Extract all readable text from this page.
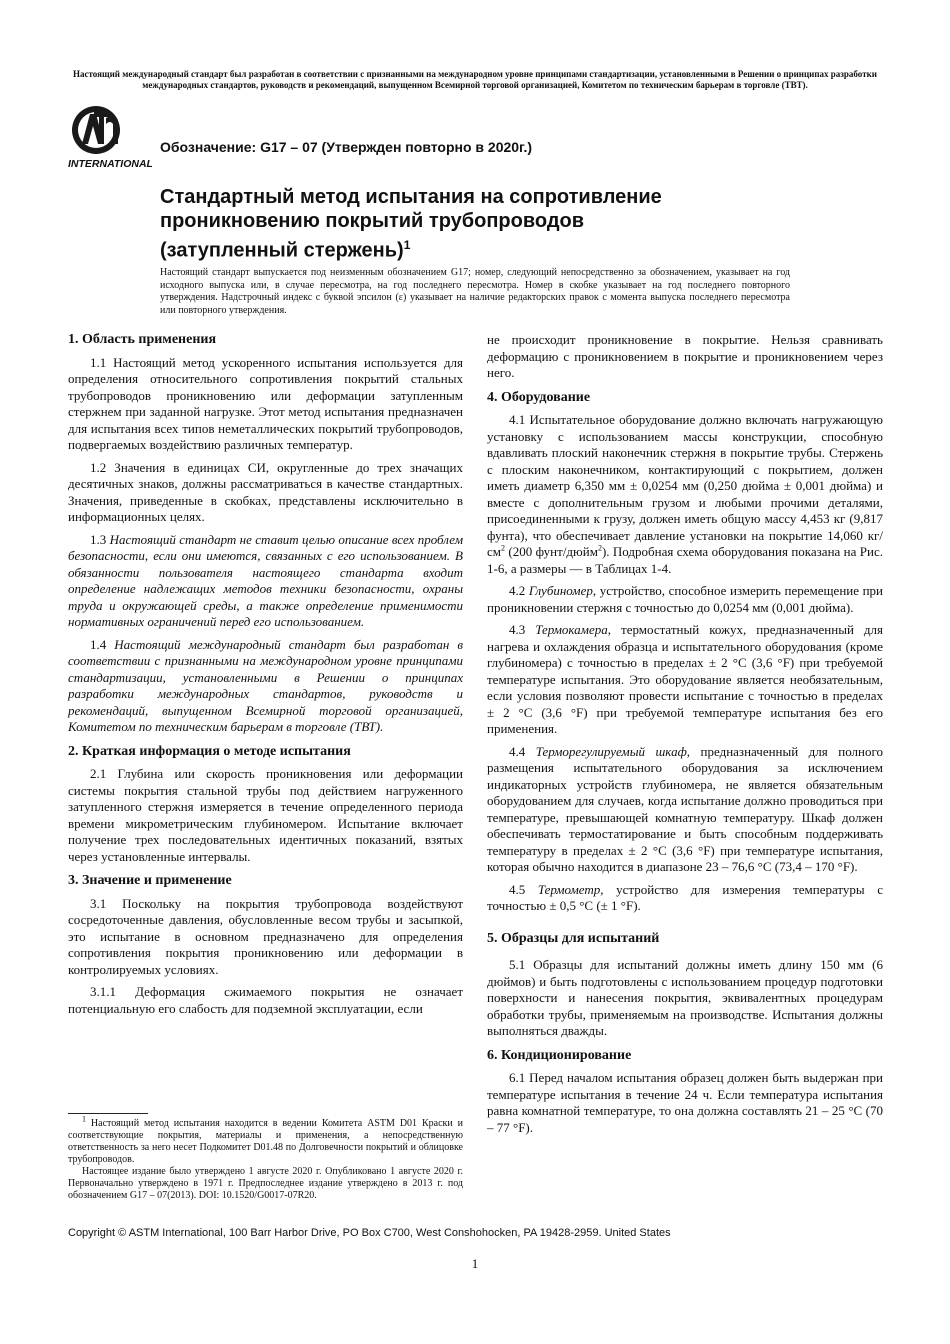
Настоящий международный стандарт был разработан в соответствии с признанными на международном уровне принципами стандартизации, установленными в Решении о принципах разработки международных стандартов, руководств и рекомендаций, выпущенном Всемирной торговой организацией, Комитетом по техническим барьерам в торговле (ТВТ).
INTERNATIONAL
Обозначение: G17 – 07 (Утвержден повторно в 2020г.)
Стандартный метод испытания на сопротивление
проникновению покрытий трубопроводов
(затупленный стержень)$^1$
Настоящий стандарт выпускается под неизменным обозначением G17; номер, следующий непосредственно за обозначением, указывает на год исходного выпуска или, в случае пересмотра, на год последнего пересмотра. Номер в скобке указывает на год последнего повторного утверждения. Надстрочный индекс с буквой эпсилон (ε) указывает на наличие редакторских правок с момента выпуска последнего пересмотра или повторного утверждения.
1. Область применения

1.1 Настоящий метод ускоренного испытания используется для определения относительного сопротивления покрытий стальных трубопроводов проникновению или деформации затупленным стержнем при заданной нагрузке. Этот метод испытания предназначен для испытания всех типов неметаллических покрытий трубопроводов, подвергаемых воздействию различных температур.

1.2 Значения в единицах СИ, округленные до трех значащих десятичных знаков, должны рассматриваться в качестве стандартных. Значения, приведенные в скобках, представлены исключительно в информационных целях.

1.3 Настоящий стандарт не ставит целью описание всех проблем безопасности, если они имеются, связанных с его использованием. В обязанности пользователя настоящего стандарта входит определение надлежащих методов техники безопасности, охраны труда и окружающей среды, а также определение применимости нормативных ограничений перед его использованием.

1.4 Настоящий международный стандарт был разработан в соответствии с признанными на международном уровне принципами стандартизации, установленными в Решении о принципах разработки международных стандартов, руководств и рекомендаций, выпущенном Всемирной торговой организацией, Комитетом по техническим барьерам в торговле (ТВТ).

2. Краткая информация о методе испытания

2.1 Глубина или скорость проникновения или деформации системы покрытия стальной трубы под действием нагруженного затупленного стержня измеряется в течение определенного периода времени микрометрическим глубиномером. Испытание включает получение трех последовательных идентичных показаний, взятых через установленные интервалы.

3. Значение и применение

3.1 Поскольку на покрытия трубопровода воздействуют сосредоточенные давления, обусловленные весом трубы и засыпкой, это испытание в основном предназначено для определения сопротивления покрытия проникновению или деформации в контролируемых условиях.

3.1.1 Деформация сжимаемого покрытия не означает потенциальную его слабость для подземной эксплуатации, если

$^1$ Настоящий метод испытания находится в ведении Комитета ASTM D01 Краски и соответствующие покрытия, материалы и применения, а непосредственную ответственность за него несет Подкомитет D01.48 по Долговечности покрытий и облицовке трубопроводов.

Настоящее издание было утверждено 1 августе 2020 г. Опубликовано 1 августе 2020 г. Первоначально утверждено в 1971 г. Предпоследнее издание утверждено в 2013 г. под обозначением G17 – 07(2013). DOI: 10.1520/G0017-07R20.

не происходит проникновение в покрытие. Нельзя сравнивать деформацию с проникновением в покрытие и проникновением через него.

4. Оборудование

4.1 Испытательное оборудование должно включать нагружающую установку с использованием массы конструкции, способную вдавливать плоский наконечник стержня в покрытие трубы. Стержень с плоским наконечником, контактирующий с покрытием, должен иметь диаметр 6,350 мм ± 0,0254 мм (0,250 дюйма ± 0,001 дюйма) и вместе с дополнительным грузом и любыми прочими деталями, присоединенными к грузу, должен иметь общую массу 4,453 кг (9,817 фунта), что обеспечивает давление установки на покрытие 14,060 $кг/см^2$ (200 фунт/дюйм$^2$). Подробная схема оборудования показана на Рис. 1-6, а размеры — в Таблицах 1-4.

4.2 Глубиномер, устройство, способное измерить перемещение при проникновении стержня с точностью до 0,0254 мм (0,001 дюйма).

4.3 Термокамера, термостатный кожух, предназначенный для нагрева и охлаждения образца и испытательного оборудования (кроме глубиномера) с точностью в пределах ± 2 °C (3,6 °F) при требуемой температуре испытания. Это оборудование является необязательным, если условия позволяют провести испытание с точностью в пределах ± 2 °C (3,6 °F) при требуемой температуре испытания без его применения.

4.4 Терморегулируемый шкаф, предназначенный для полного размещения испытательного оборудования за исключением индикаторных устройств глубиномера, не является обязательным оборудованием для случаев, когда испытание должно проводиться при температуре, превышающей комнатную температуру. Шкаф должен обеспечивать термостатирование и быть способным поддерживать температуру в пределах ± 2 °C (3,6 °F) при температуре испытания, которая обычно находится в диапазоне 23 – 76,6 °C (73,4 – 170 °F).

4.5 Термометр, устройство для измерения температуры с точностью ± 0,5 °C (± 1 °F).

5. Образцы для испытаний

5.1 Образцы для испытаний должны иметь длину 150 мм (6 дюймов) и быть подготовлены с использованием процедур подготовки поверхности и нанесения покрытия, эквивалентных процедурам обработки трубы, применяемым на производстве. Испытания должны выполняться дважды.

6. Кондиционирование

6.1 Перед началом испытания образец должен быть выдержан при температуре испытания в течение 24 ч. Если температура испытания равна комнатной температуре, то она должна составлять 21 – 25 °C (70 – 77 °F).

Copyright © ASTM International, 100 Barr Harbor Drive, PO Box C700, West Conshohocken, PA 19428-2959. United States
1
